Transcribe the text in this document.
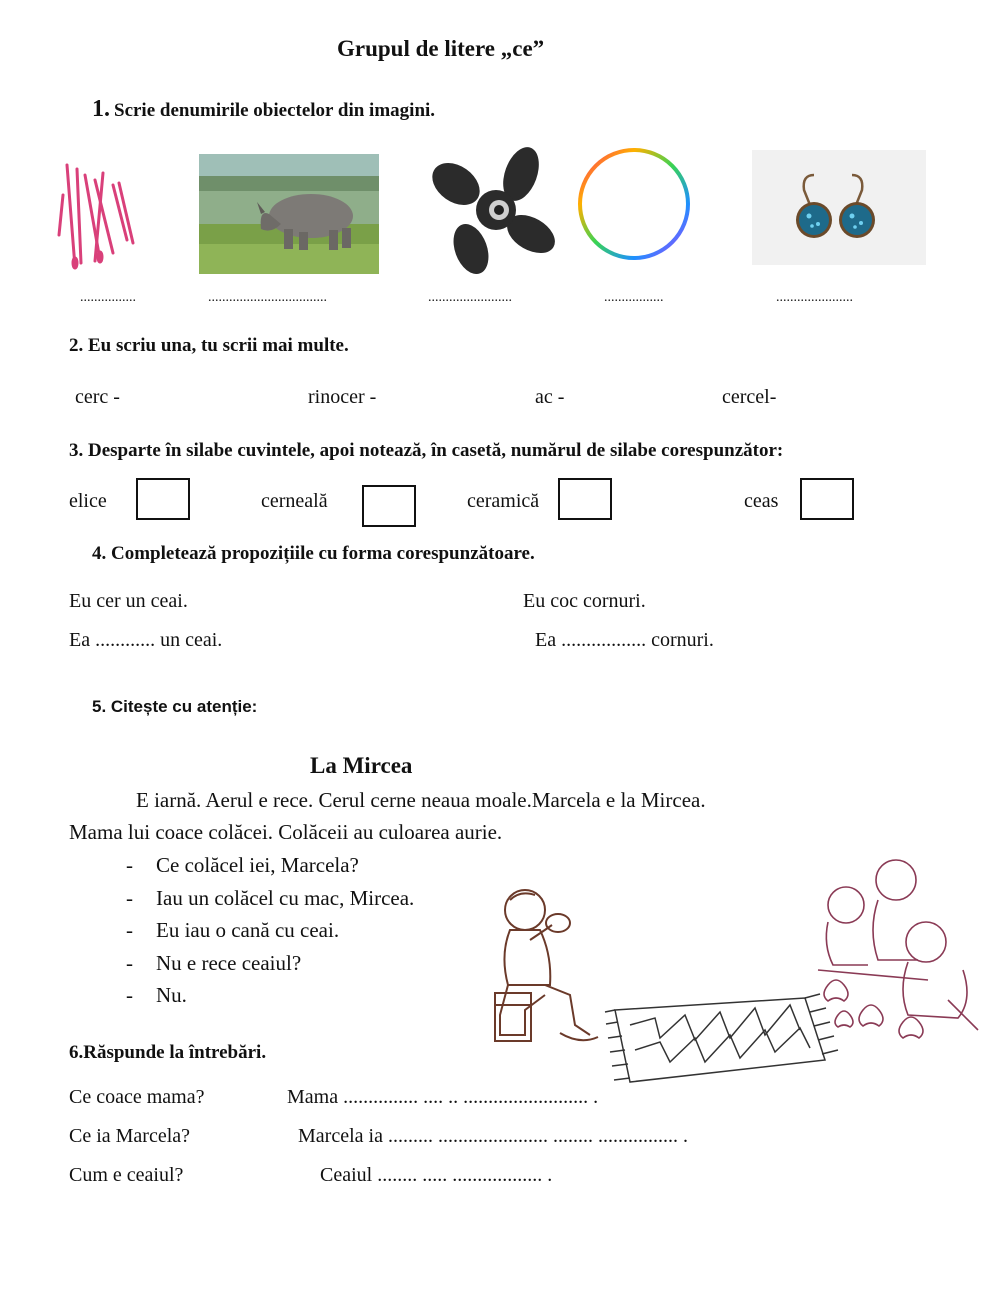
Grupul de litere „ce”
1. Scrie denumirile obiectelor din imagini.
................	..................................	........................	.................	......................
2. Eu scriu una, tu scrii mai multe.
cerc -	rinocer -	ac -	cercel-
3. Desparte în silabe cuvintele, apoi notează, în casetă, numărul de silabe corespunzător:
elice	cerneală	ceramică	ceas
4. Completează propozițiile cu forma corespunzătoare.
Eu cer un ceai.	Eu coc cornuri.
Ea ............ un ceai.	Ea ................. cornuri.
5. Citește cu atenție:
La Mircea
E iarnă. Aerul e rece. Cerul cerne neaua moale.Marcela e la Mircea.
Mama lui coace colăcei. Colăceii au culoarea aurie.
- Ce colăcel iei, Marcela?
- Iau un colăcel cu mac, Mircea.
- Eu iau o cană cu ceai.
- Nu e rece ceaiul?
- Nu.
6.Răspunde la întrebări.
Ce coace mama?	Mama ............... .... .. ......................... .
Ce ia Marcela?	Marcela ia ......... ...................... ........ ................ .
Cum e ceaiul?	Ceaiul ........ ..... .................. .
